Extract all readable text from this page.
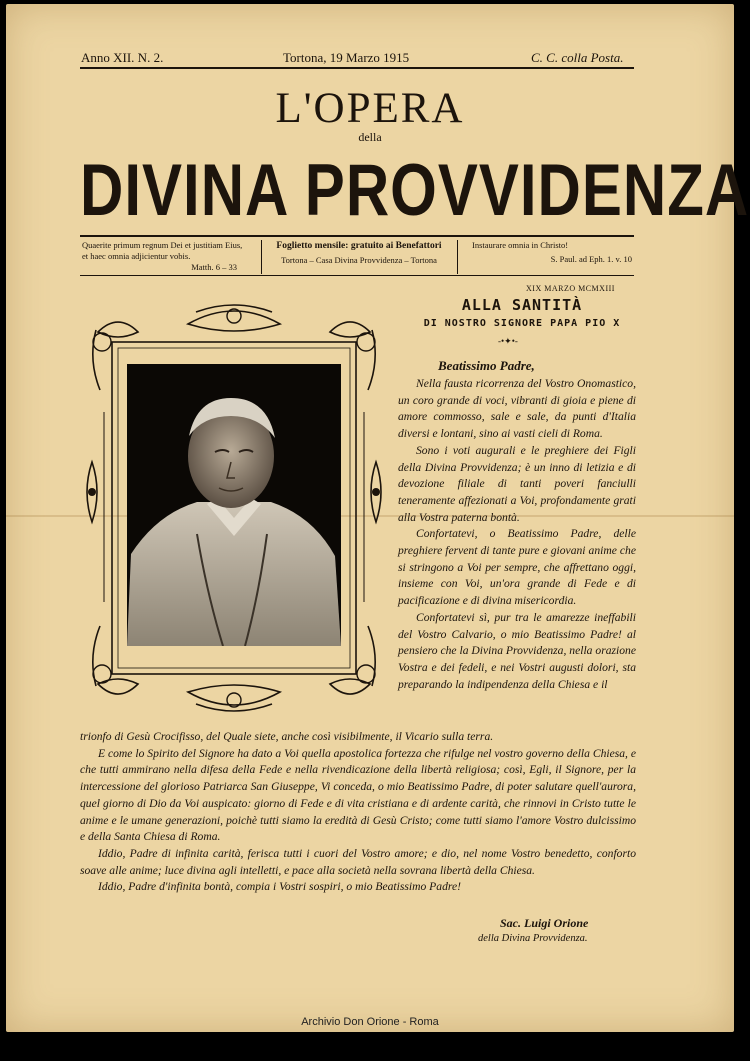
Anno XII. N. 2.	Tortona, 19 Marzo 1915	C. C. colla Posta.
L'OPERA
della
DIVINA PROVVIDENZA
Quaerite primum regnum Dei et justitiam Eius,
et haec omnia adjicientur vobis.
Matth. 6 – 33
Foglietto mensile: gratuito ai Benefattori
Tortona – Casa Divina Provvidenza – Tortona
Instaurare omnia in Christo!
S. Paul. ad Eph. 1. v. 10
XIX MARZO MCMXIII
ALLA SANTITÀ
DI NOSTRO SIGNORE PAPA PIO X
-•✦•-
Beatissimo Padre,

Nella fausta ricorrenza del Vostro Onomastico, un coro grande di voci, vibranti di gioia e piene di amore commosso, sale e sale, da punti d'Italia diversi e lontani, sino ai vasti cieli di Roma.

Sono i voti augurali e le preghiere dei Figli della Divina Provvidenza; è un inno di letizia e di devozione filiale di tanti poveri fanciulli teneramente affezionati a Voi, profondamente grati alla Vostra paterna bontà.

Confortatevi, o Beatissimo Padre, delle preghiere fervent di tante pure e giovani anime che si stringono a Voi per sempre, che affrettano oggi, insieme con Voi, un'ora grande di Fede e di pacificazione e di divina misericordia.

Confortatevi sì, pur tra le amarezze ineffabili del Vostro Calvario, o mio Beatissimo Padre! al pensiero che la Divina Provvidenza, nella orazione Vostra e dei fedeli, e nei Vostri augusti dolori, sta preparando la indipendenza della Chiesa e il

trionfo di Gesù Crocifisso, del Quale siete, anche così visibilmente, il Vicario sulla terra.

E come lo Spirito del Signore ha dato a Voi quella apostolica fortezza che rifulge nel vostro governo della Chiesa, e che tutti ammirano nella difesa della Fede e nella rivendicazione della libertà religiosa; così, Egli, il Signore, per la intercessione del glorioso Patriarca San Giuseppe, Vi conceda, o mio Beatissimo Padre, di poter salutare quell'aurora, quel giorno di Dio da Voi auspicato: giorno di Fede e di vita cristiana e di ardente carità, che rinnovi in Cristo tutte le anime e le umane generazioni, poichè tutti siamo la eredità di Gesù Cristo; come tutti siamo l'amore Vostro dulcissimo e della Santa Chiesa di Roma.

Iddio, Padre di infinita carità, ferisca tutti i cuori del Vostro amore; e dio, nel nome Vostro benedetto, conforto soave alle anime; luce divina agli intelletti, e pace alla società nella sovrana libertà della Chiesa.

Iddio, Padre d'infinita bontà, compia i Vostri sospiri, o mio Beatissimo Padre!

Sac. Luigi Orione
della Divina Provvidenza.
Archivio Don Orione - Roma
